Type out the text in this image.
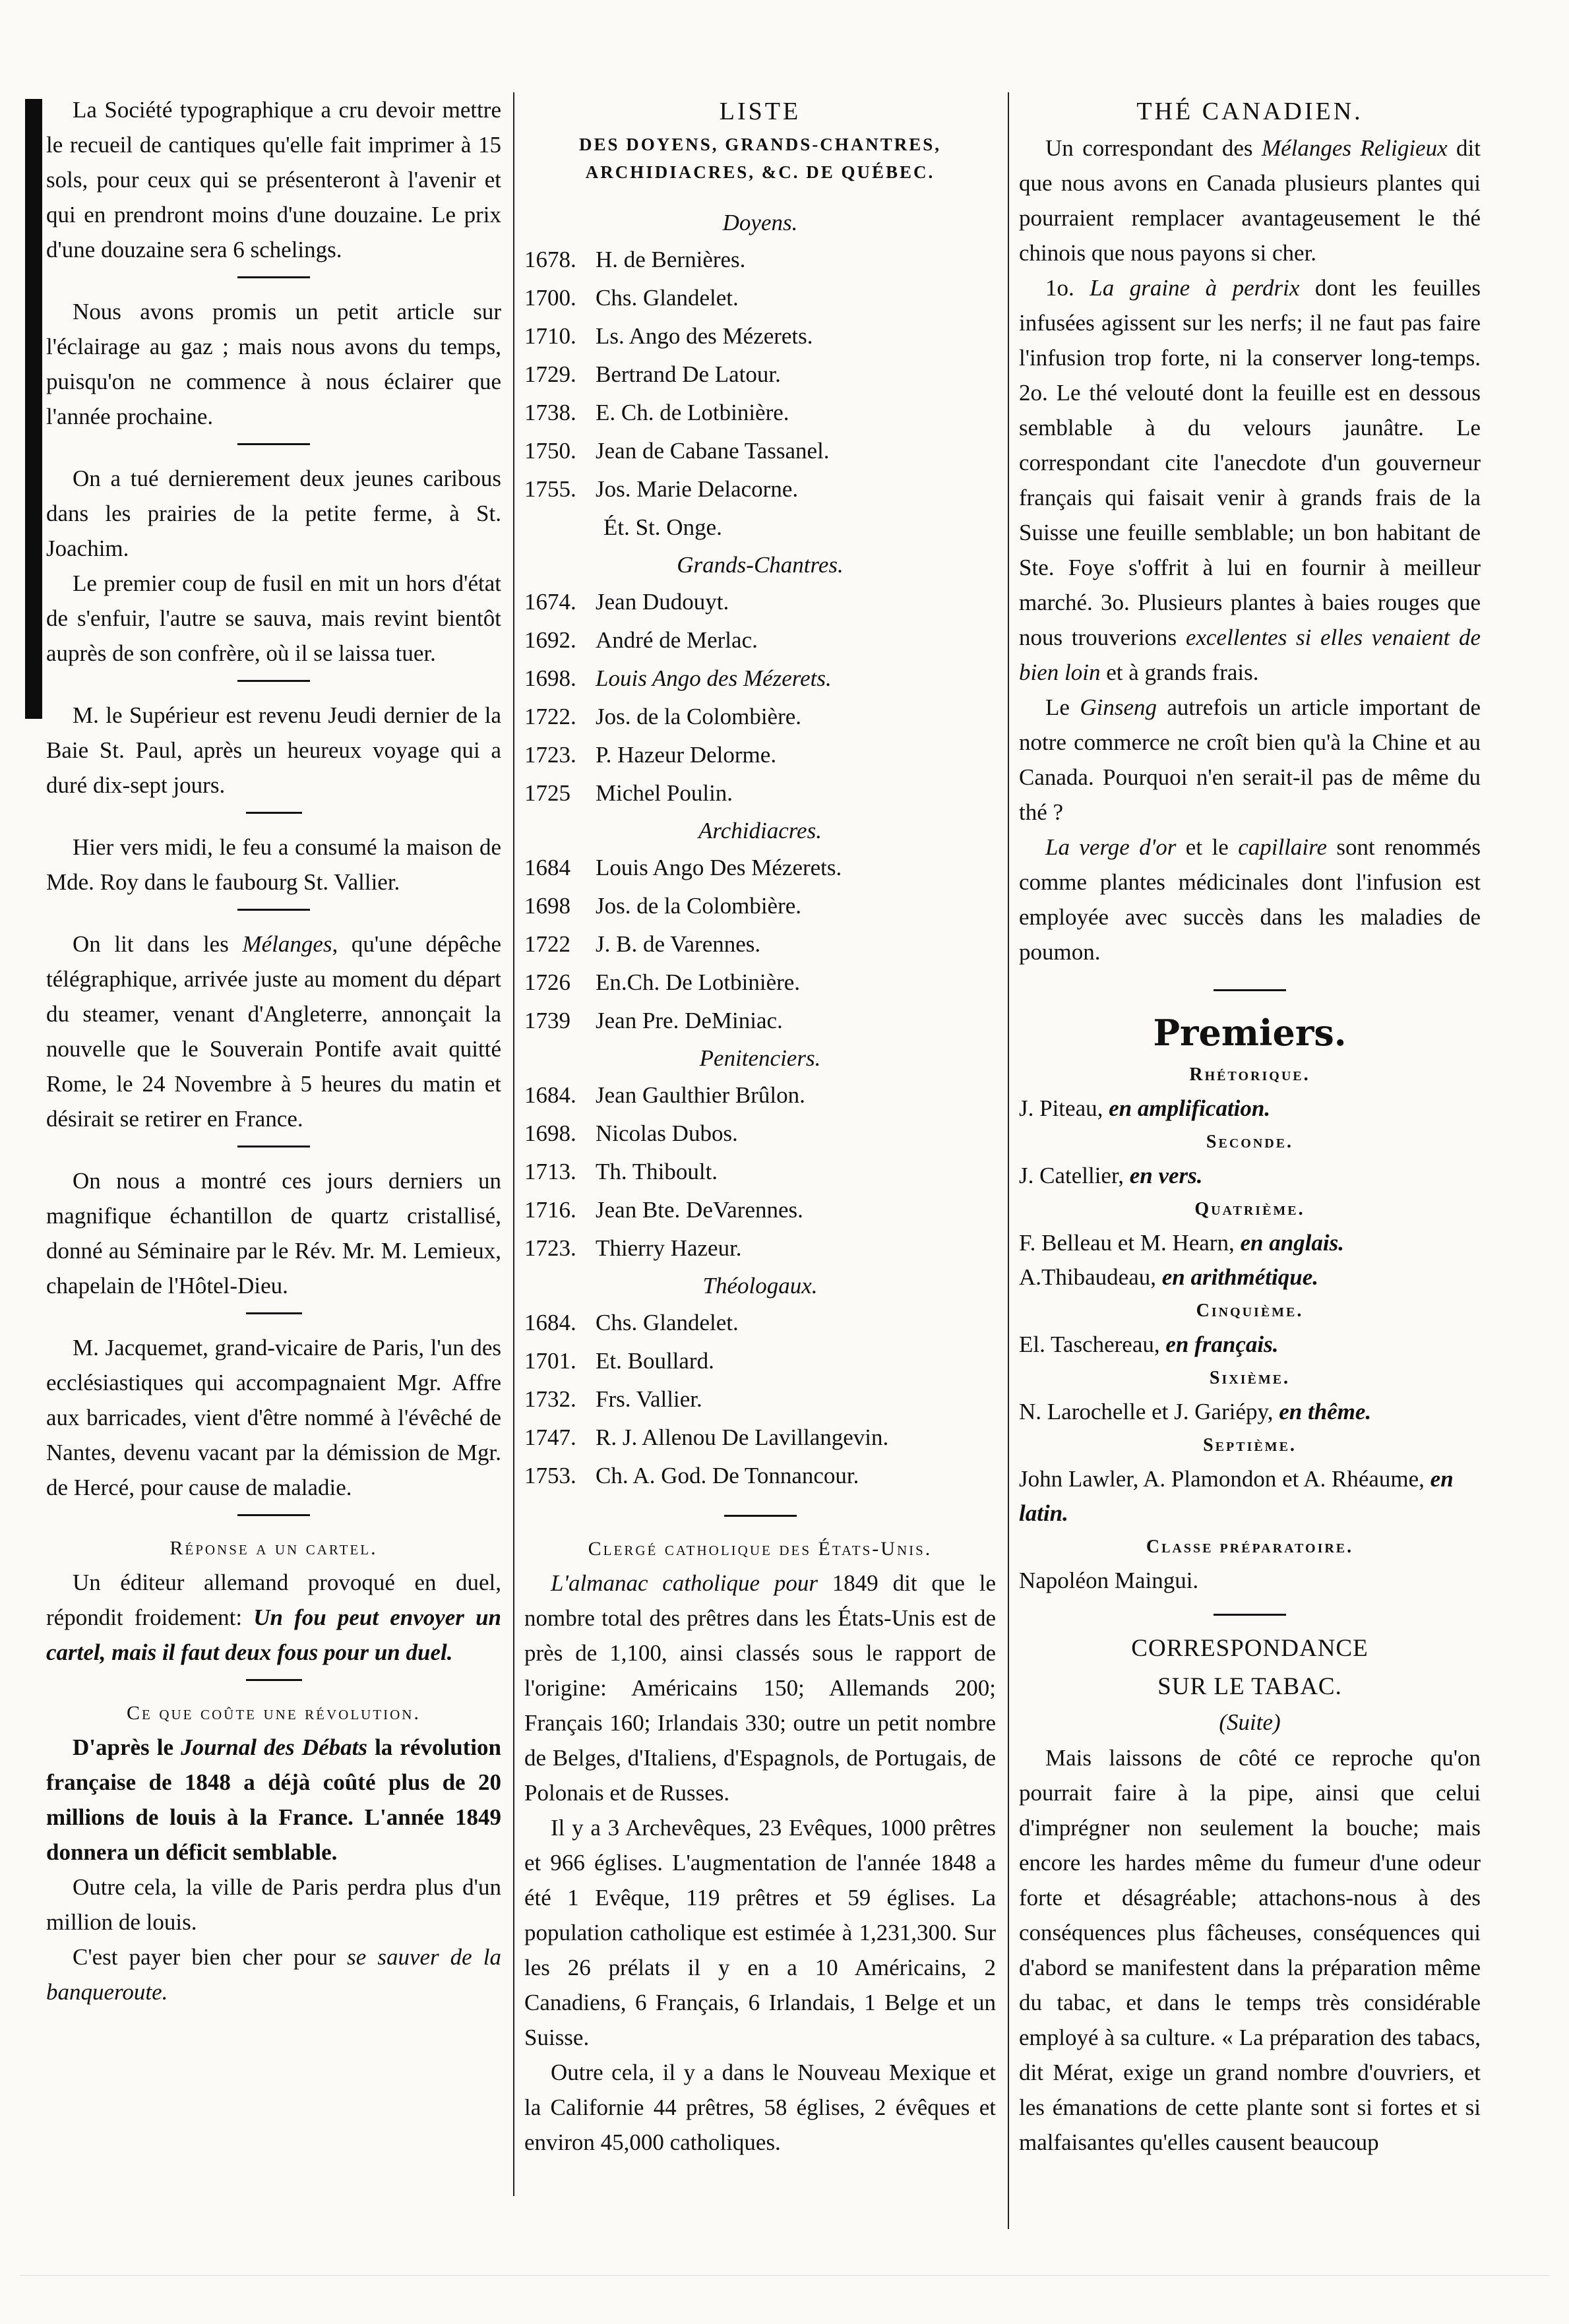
La Société typographique a cru devoir mettre le recueil de cantiques qu'elle fait imprimer à 15 sols, pour ceux qui se présenteront à l'avenir et qui en prendront moins d'une douzaine. Le prix d'une douzaine sera 6 schelings.

Nous avons promis un petit article sur l'éclairage au gaz ; mais nous avons du temps, puisqu'on ne commence à nous éclairer que l'année prochaine.

On a tué dernierement deux jeunes caribous dans les prairies de la petite ferme, à St. Joachim.

Le premier coup de fusil en mit un hors d'état de s'enfuir, l'autre se sauva, mais revint bientôt auprès de son confrère, où il se laissa tuer.

M. le Supérieur est revenu Jeudi dernier de la Baie St. Paul, après un heureux voyage qui a duré dix-sept jours.

Hier vers midi, le feu a consumé la maison de Mde. Roy dans le faubourg St. Vallier.

On lit dans les Mélanges, qu'une dépêche télégraphique, arrivée juste au moment du départ du steamer, venant d'Angleterre, annonçait la nouvelle que le Souverain Pontife avait quitté Rome, le 24 Novembre à 5 heures du matin et désirait se retirer en France.

On nous a montré ces jours derniers un magnifique échantillon de quartz cristallisé, donné au Séminaire par le Rév. Mr. M. Lemieux, chapelain de l'Hôtel-Dieu.

M. Jacquemet, grand-vicaire de Paris, l'un des ecclésiastiques qui accompagnaient Mgr. Affre aux barricades, vient d'être nommé à l'évêché de Nantes, devenu vacant par la démission de Mgr. de Hercé, pour cause de maladie.

Réponse a un cartel.

Un éditeur allemand provoqué en duel, répondit froidement: Un fou peut envoyer un cartel, mais il faut deux fous pour un duel.

Ce que coûte une révolution.

D'après le Journal des Débats la révolution française de 1848 a déjà coûté plus de 20 millions de louis à la France. L'année 1849 donnera un déficit semblable.

Outre cela, la ville de Paris perdra plus d'un million de louis.

C'est payer bien cher pour se sauver de la banqueroute.

LISTE
DES DOYENS, GRANDS-CHANTRES,
ARCHIDIACRES, &C. DE QUÉBEC.
Doyens.
1678. H. de Bernières.
1700. Chs. Glandelet.
1710. Ls. Ango des Mézerets.
1729. Bertrand De Latour.
1738. E. Ch. de Lotbinière.
1750. Jean de Cabane Tassanel.
1755. Jos. Marie Delacorne.
Ét. St. Onge.
Grands-Chantres.
1674. Jean Dudouyt.
1692. André de Merlac.
1698. Louis Ango des Mézerets.
1722. Jos. de la Colombière.
1723. P. Hazeur Delorme.
1725 Michel Poulin.
Archidiacres.
1684 Louis Ango Des Mézerets.
1698 Jos. de la Colombière.
1722 J. B. de Varennes.
1726 En.Ch. De Lotbinière.
1739 Jean Pre. DeMiniac.
Penitenciers.
1684. Jean Gaulthier Brûlon.
1698. Nicolas Dubos.
1713. Th. Thiboult.
1716. Jean Bte. DeVarennes.
1723. Thierry Hazeur.
Théologaux.
1684. Chs. Glandelet.
1701. Et. Boullard.
1732. Frs. Vallier.
1747. R. J. Allenou De Lavillangevin.
1753. Ch. A. God. De Tonnancour.
Clergé catholique des États-Unis.

L'almanac catholique pour 1849 dit que le nombre total des prêtres dans les États-Unis est de près de 1,100, ainsi classés sous le rapport de l'origine: Américains 150; Allemands 200; Français 160; Irlandais 330; outre un petit nombre de Belges, d'Italiens, d'Espagnols, de Portugais, de Polonais et de Russes.

Il y a 3 Archevêques, 23 Evêques, 1000 prêtres et 966 églises. L'augmentation de l'année 1848 a été 1 Evêque, 119 prêtres et 59 églises. La population catholique est estimée à 1,231,300. Sur les 26 prélats il y en a 10 Américains, 2 Canadiens, 6 Français, 6 Irlandais, 1 Belge et un Suisse.

Outre cela, il y a dans le Nouveau Mexique et la Californie 44 prêtres, 58 églises, 2 évêques et environ 45,000 catholiques.

THÉ CANADIEN.

Un correspondant des Mélanges Religieux dit que nous avons en Canada plusieurs plantes qui pourraient remplacer avantageusement le thé chinois que nous payons si cher.

1o. La graine à perdrix dont les feuilles infusées agissent sur les nerfs; il ne faut pas faire l'infusion trop forte, ni la conserver long-temps. 2o. Le thé velouté dont la feuille est en dessous semblable à du velours jaunâtre. Le correspondant cite l'anecdote d'un gouverneur français qui faisait venir à grands frais de la Suisse une feuille semblable; un bon habitant de Ste. Foye s'offrit à lui en fournir à meilleur marché. 3o. Plusieurs plantes à baies rouges que nous trouverions excellentes si elles venaient de bien loin et à grands frais.

Le Ginseng autrefois un article important de notre commerce ne croît bien qu'à la Chine et au Canada. Pourquoi n'en serait-il pas de même du thé ?

La verge d'or et le capillaire sont renommés comme plantes médicinales dont l'infusion est employée avec succès dans les maladies de poumon.

Premiers.
Rhétorique.
J. Piteau, en amplification.
Seconde.
J. Catellier, en vers.
Quatrième.
F. Belleau et M. Hearn, en anglais.
A.Thibaudeau, en arithmétique.
Cinquième.
El. Taschereau, en français.
Sixième.
N. Larochelle et J. Gariépy, en thême.
Septième.
John Lawler, A. Plamondon et A. Rhéaume, en latin.
Classe préparatoire.
Napoléon Maingui.
CORRESPONDANCE
SUR LE TABAC.
(Suite)

Mais laissons de côté ce reproche qu'on pourrait faire à la pipe, ainsi que celui d'imprégner non seulement la bouche; mais encore les hardes même du fumeur d'une odeur forte et désagréable; attachons-nous à des conséquences plus fâcheuses, conséquences qui d'abord se manifestent dans la préparation même du tabac, et dans le temps très considérable employé à sa culture. « La préparation des tabacs, dit Mérat, exige un grand nombre d'ouvriers, et les émanations de cette plante sont si fortes et si malfaisantes qu'elles causent beaucoup
